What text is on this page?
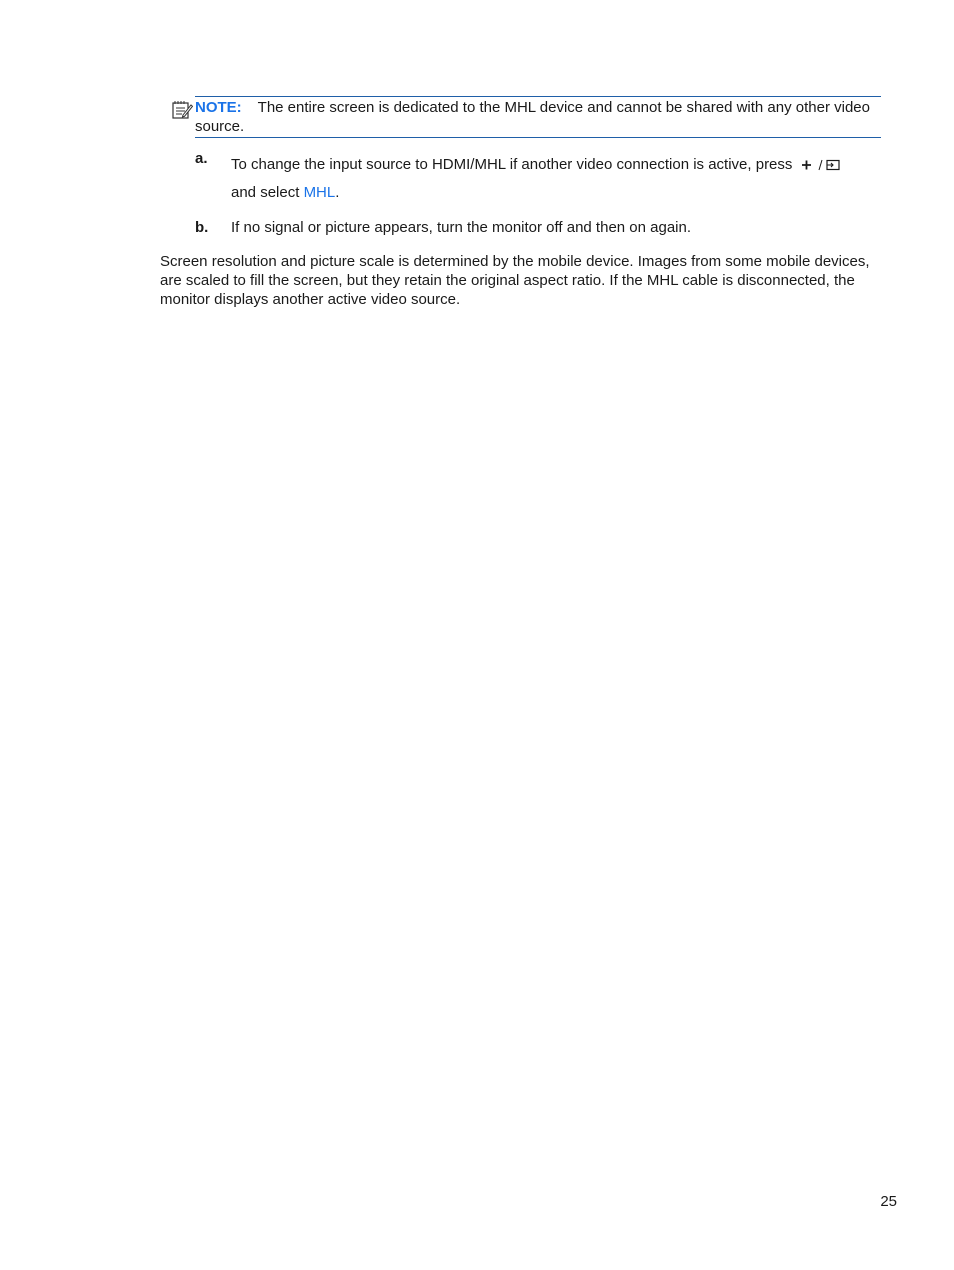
NOTE: The entire screen is dedicated to the MHL device and cannot be shared with any other video source.
a. To change the input source to HDMI/MHL if another video connection is active, press
and select MHL.
b. If no signal or picture appears, turn the monitor off and then on again.
Screen resolution and picture scale is determined by the mobile device. Images from some mobile devices, are scaled to fill the screen, but they retain the original aspect ratio. If the MHL cable is disconnected, the monitor displays another active video source.
25
